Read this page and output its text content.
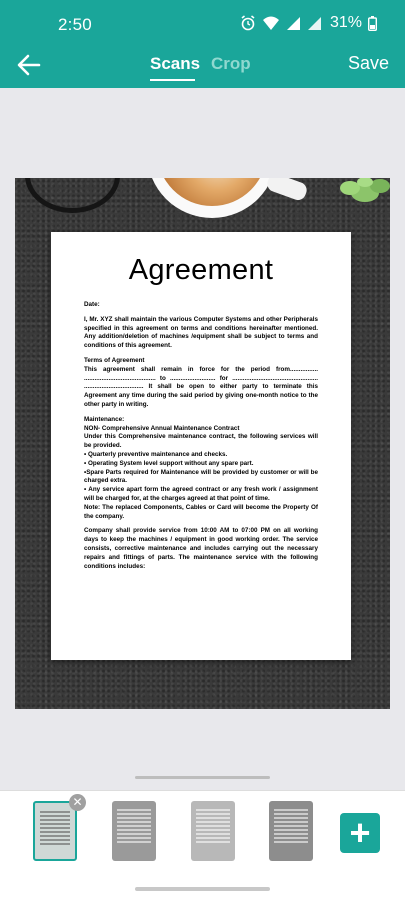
2:50	31%
Scans Crop	Save
Agreement
Date:
I, Mr. XYZ shall maintain the various Computer Systems and other Peripherals specified in this agreement on terms and conditions hereinafter mentioned. Any addition/deletion of machines /equipment shall be subject to terms and conditions of this agreement.
Terms of Agreement
This agreement shall remain in force for the period from................ ......................................... to .......................... for ................................................. .................................. It shall be open to either party to terminate this Agreement any time during the said period by giving one-month notice to the other party in writing.
Maintenance:
NON- Comprehensive Annual Maintenance Contract
Under this Comprehensive maintenance contract, the following services will be provided.
• Quarterly preventive maintenance and checks.
• Operating System level support without any spare part.
•Spare Parts required for Maintenance will be provided by customer or will be charged extra.
• Any service apart form the agreed contract or any fresh work / assignment will be charged for, at the charges agreed at that point of time.
Note: The replaced Components, Cables or Card will become the Property Of the company.
Company shall provide service from 10:00 AM to 07:00 PM on all working days to keep the machines / equipment in good working order. The service consists, corrective maintenance and includes carrying out the necessary repairs and fittings of parts. The maintenance service with the following conditions includes:
✕
+
